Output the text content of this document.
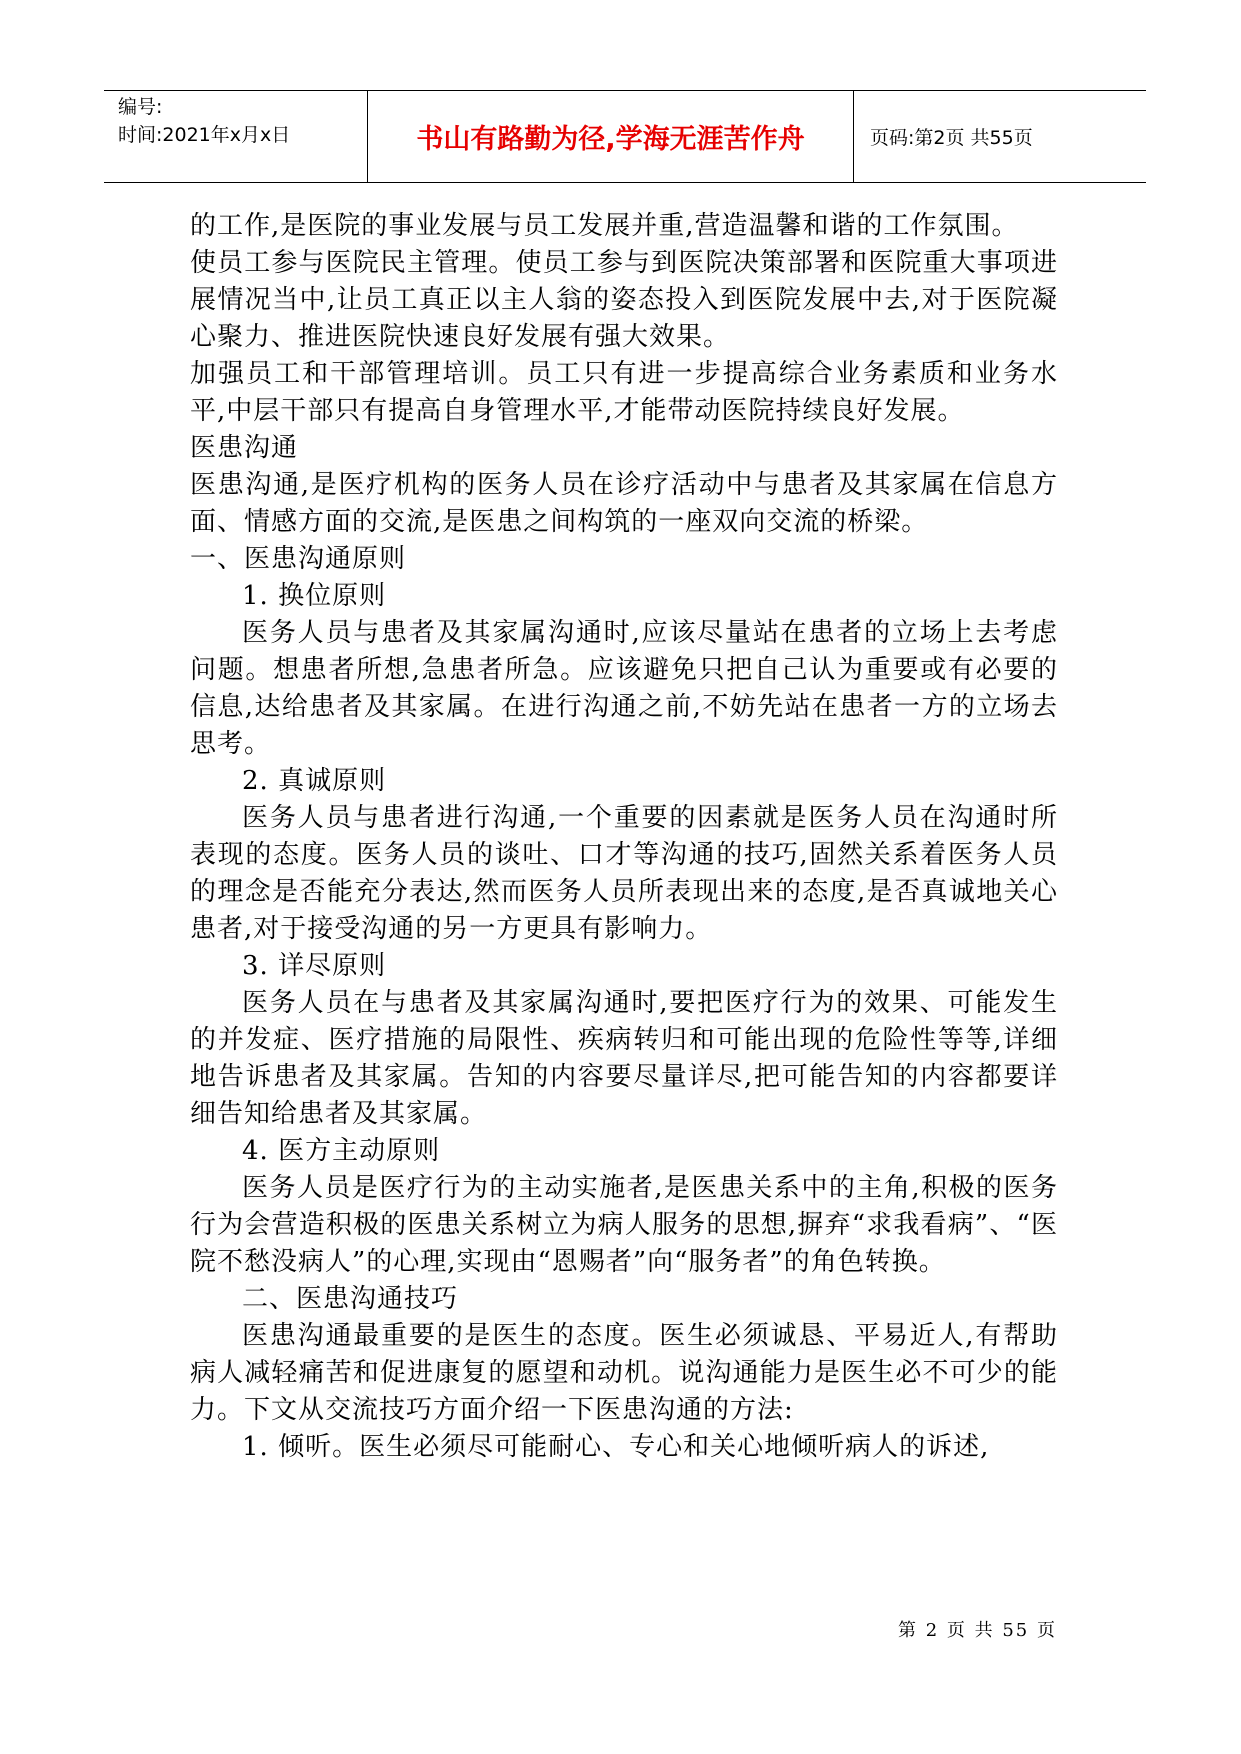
编号:
时间:2021年x月x日	书山有路勤为径,学海无涯苦作舟	页码:第2页 共55页

的工作,是医院的事业发展与员工发展并重,营造温馨和谐的工作氛围。

使员工参与医院民主管理。使员工参与到医院决策部署和医院重大事项进展情况当中,让员工真正以主人翁的姿态投入到医院发展中去,对于医院凝心聚力、推进医院快速良好发展有强大效果。

加强员工和干部管理培训。员工只有进一步提高综合业务素质和业务水平,中层干部只有提高自身管理水平,才能带动医院持续良好发展。

医患沟通

医患沟通,是医疗机构的医务人员在诊疗活动中与患者及其家属在信息方面、情感方面的交流,是医患之间构筑的一座双向交流的桥梁。

一、医患沟通原则

1. 换位原则

医务人员与患者及其家属沟通时,应该尽量站在患者的立场上去考虑问题。想患者所想,急患者所急。应该避免只把自己认为重要或有必要的信息,达给患者及其家属。在进行沟通之前,不妨先站在患者一方的立场去思考。

2. 真诚原则

医务人员与患者进行沟通,一个重要的因素就是医务人员在沟通时所表现的态度。医务人员的谈吐、口才等沟通的技巧,固然关系着医务人员的理念是否能充分表达,然而医务人员所表现出来的态度,是否真诚地关心患者,对于接受沟通的另一方更具有影响力。

3. 详尽原则

医务人员在与患者及其家属沟通时,要把医疗行为的效果、可能发生的并发症、医疗措施的局限性、疾病转归和可能出现的危险性等等,详细地告诉患者及其家属。告知的内容要尽量详尽,把可能告知的内容都要详细告知给患者及其家属。

4. 医方主动原则

医务人员是医疗行为的主动实施者,是医患关系中的主角,积极的医务行为会营造积极的医患关系树立为病人服务的思想,摒弃“求我看病”、“医院不愁没病人”的心理,实现由“恩赐者”向“服务者”的角色转换。

二、医患沟通技巧

医患沟通最重要的是医生的态度。医生必须诚恳、平易近人,有帮助病人减轻痛苦和促进康复的愿望和动机。说沟通能力是医生必不可少的能力。下文从交流技巧方面介绍一下医患沟通的方法:

1. 倾听。医生必须尽可能耐心、专心和关心地倾听病人的诉述,

第 2 页 共 55 页
